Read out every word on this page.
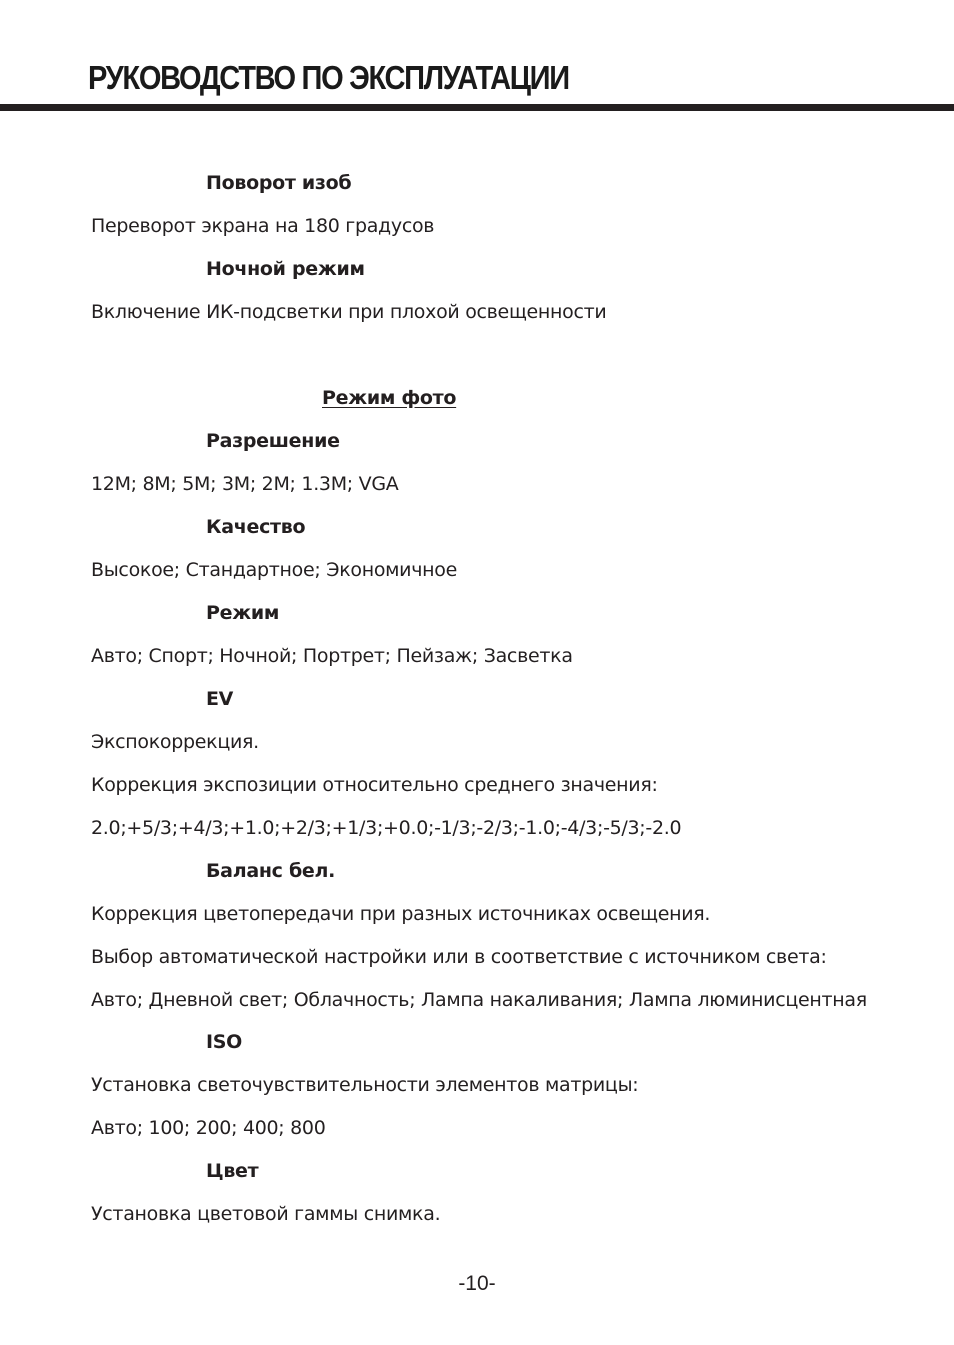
РУКОВОДСТВО ПО ЭКСПЛУАТАЦИИ

Поворот изоб

Переворот экрана на 180 градусов

Ночной режим

Включение ИК-подсветки при плохой освещенности

Режим фото

Разрешение

12M; 8M; 5M; 3M; 2M; 1.3M; VGA

Качество

Высокое; Стандартное; Экономичное

Режим

Авто; Спорт; Ночной; Портрет; Пейзаж; Засветка

EV

Экспокоррекция.

Коррекция экспозиции относительно среднего значения:

2.0;+5/3;+4/3;+1.0;+2/3;+1/3;+0.0;-1/3;-2/3;-1.0;-4/3;-5/3;-2.0

Баланс бел.

Коррекция цветопередачи при разных источниках освещения.

Выбор автоматической настройки или в соответствие с источником света:

Авто; Дневной свет; Облачность; Лампа накаливания; Лампа люминисцентная

ISO

Установка светочувствительности элементов матрицы:

Авто; 100; 200; 400; 800

Цвет

Установка цветовой гаммы снимка.

-10-
